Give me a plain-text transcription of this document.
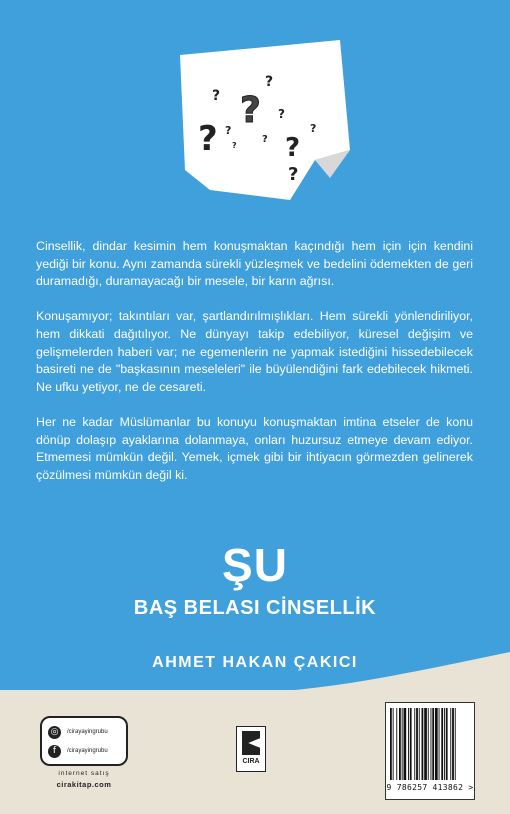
?
?	?
?
?
?
?
?
?
?
?

Cinsellik, dindar kesimin hem konuşmaktan kaçındığı hem için için kendini yediği bir konu. Aynı zamanda sürekli yüzleşmek ve bedelini ödemekten de geri duramadığı, duramayacağı bir mesele, bir karın ağrısı.

Konuşamıyor; takıntıları var, şartlandırılmışlıkları. Hem sürekli yönlendiriliyor, hem dikkati dağıtılıyor. Ne dünyayı takip edebiliyor, küresel değişim ve gelişmelerden haberi var; ne egemenlerin ne yapmak istediğini hissedebilecek basireti ne de "başkasının meseleleri" ile büyülendiğini fark edebilecek hikmeti. Ne ufku yetiyor, ne de cesareti.

Her ne kadar Müslümanlar bu konuyu konuşmaktan imtina etseler de konu dönüp dolaşıp ayaklarına dolanmaya, onları huzursuz etmeye devam ediyor. Etmemesi mümkün değil. Yemek, içmek gibi bir ihtiyacın görmezden gelinerek çözülmesi mümkün değil ki.

ŞU
BAŞ BELASI CİNSELLİK
AHMET HAKAN ÇAKICI
◎	/cirayayingrubu
f	/cirayayingrubu
internet satış
cirakitap.com
CIRA
9 786257 413862 >
